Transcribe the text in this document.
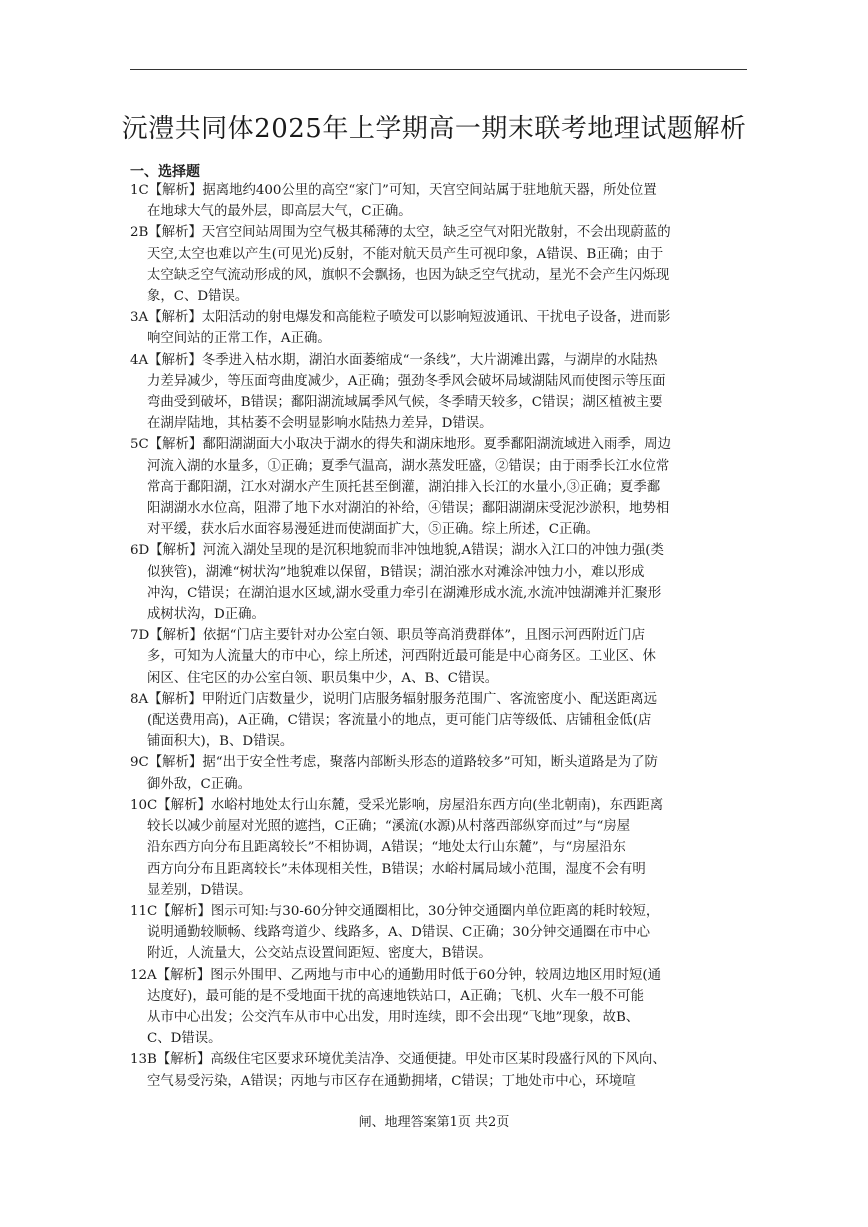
沅澧共同体2025年上学期高一期末联考地理试题解析
一、选择题
1C【解析】据离地约400公里的高空“家门”可知，天宫空间站属于驻地航天器，所处位置
在地球大气的最外层，即高层大气，C正确。
2B【解析】天宫空间站周围为空气极其稀薄的太空，缺乏空气对阳光散射，不会出现蔚蓝的
天空,太空也难以产生(可见光)反射，不能对航天员产生可视印象，A错误、B正确；由于
太空缺乏空气流动形成的风，旗帜不会飘扬，也因为缺乏空气扰动，星光不会产生闪烁现
象，C、D错误。
3A【解析】太阳活动的射电爆发和高能粒子喷发可以影响短波通讯、干扰电子设备，进而影
响空间站的正常工作，A正确。
4A【解析】冬季进入枯水期，湖泊水面萎缩成“一条线”，大片湖滩出露，与湖岸的水陆热
力差异减少，等压面弯曲度减少，A正确；强劲冬季风会破坏局域湖陆风而使图示等压面
弯曲受到破坏，B错误；鄱阳湖流域属季风气候，冬季晴天较多，C错误；湖区植被主要
在湖岸陆地，其枯萎不会明显影响水陆热力差异，D错误。
5C【解析】鄱阳湖湖面大小取决于湖水的得失和湖床地形。夏季鄱阳湖流域进入雨季，周边
河流入湖的水量多，①正确；夏季气温高，湖水蒸发旺盛，②错误；由于雨季长江水位常
常高于鄱阳湖，江水对湖水产生顶托甚至倒灌，湖泊排入长江的水量小,③正确；夏季鄱
阳湖湖水水位高，阻滞了地下水对湖泊的补给，④错误；鄱阳湖湖床受泥沙淤积，地势相
对平缓，获水后水面容易漫延进而使湖面扩大，⑤正确。综上所述，C正确。
6D【解析】河流入湖处呈现的是沉积地貌而非冲蚀地貌,A错误；湖水入江口的冲蚀力强(类
似狭管)，湖滩“树状沟”地貌难以保留，B错误；湖泊涨水对滩涂冲蚀力小，难以形成
冲沟，C错误；在湖泊退水区域,湖水受重力牵引在湖滩形成水流,水流冲蚀湖滩并汇聚形
成树状沟，D正确。
7D【解析】依据“门店主要针对办公室白领、职员等高消费群体”，且图示河西附近门店
多，可知为人流量大的市中心，综上所述，河西附近最可能是中心商务区。工业区、休
闲区、住宅区的办公室白领、职员集中少，A、B、C错误。
8A【解析】甲附近门店数量少，说明门店服务辐射服务范围广、客流密度小、配送距离远
(配送费用高)，A正确，C错误；客流量小的地点，更可能门店等级低、店铺租金低(店
铺面积大)，B、D错误。
9C【解析】据“出于安全性考虑，聚落内部断头形态的道路较多”可知，断头道路是为了防
御外敌，C正确。
10C【解析】水峪村地处太行山东麓，受采光影响，房屋沿东西方向(坐北朝南)，东西距离
较长以减少前屋对光照的遮挡，C正确；“溪流(水源)从村落西部纵穿而过”与“房屋
沿东西方向分布且距离较长”不相协调，A错误；“地处太行山东麓”，与“房屋沿东
西方向分布且距离较长”未体现相关性，B错误；水峪村属局域小范围，湿度不会有明
显差别，D错误。
11C【解析】图示可知:与30-60分钟交通圈相比，30分钟交通圈内单位距离的耗时较短，
说明通勤较顺畅、线路弯道少、线路多，A、D错误、C正确；30分钟交通圈在市中心
附近，人流量大，公交站点设置间距短、密度大，B错误。
12A【解析】图示外围甲、乙两地与市中心的通勤用时低于60分钟，较周边地区用时短(通
达度好)，最可能的是不受地面干扰的高速地铁站口，A正确；飞机、火车一般不可能
从市中心出发；公交汽车从市中心出发，用时连续，即不会出现“飞地”现象，故B、
C、D错误。
13B【解析】高级住宅区要求环境优美洁净、交通便捷。甲处市区某时段盛行风的下风向、
空气易受污染，A错误；丙地与市区存在通勤拥堵，C错误；丁地处市中心，环境喧
闸、地理答案第1页 共2页
